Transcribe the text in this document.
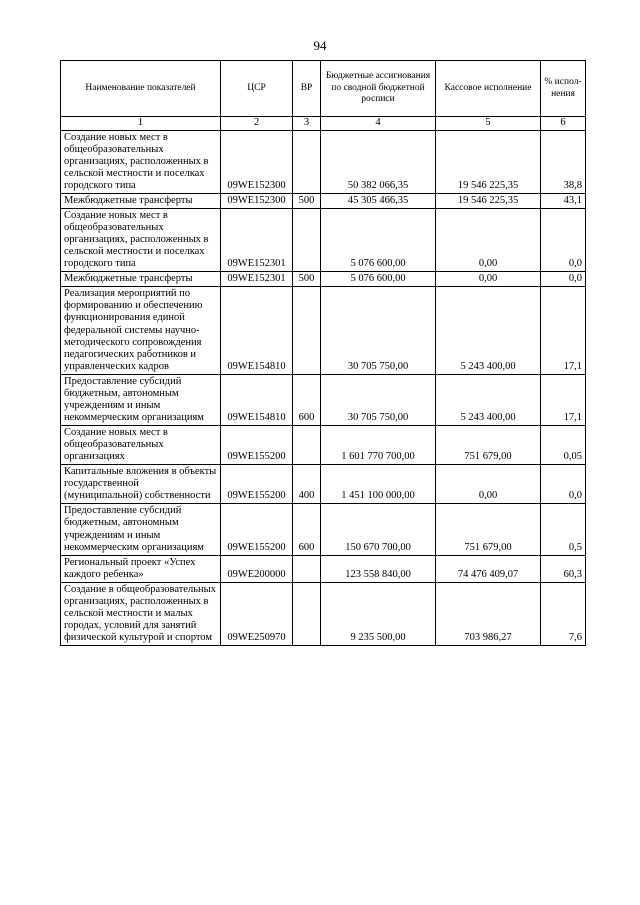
94
Наименование показателей	ЦСР	ВР	Бюджетные ассигнования по сводной бюджетной росписи	Кассовое исполнение	% испол-нения
1	2	3	4	5	6
Создание новых мест в общеобразовательных организациях, расположенных в сельской местности и поселках городского типа	09WE152300		50 382 066,35	19 546 225,35	38,8
Межбюджетные трансферты	09WE152300	500	45 305 466,35	19 546 225,35	43,1
Создание новых мест в общеобразовательных организациях, расположенных в сельской местности и поселках городского типа	09WE152301		5 076 600,00	0,00	0,0
Межбюджетные трансферты	09WE152301	500	5 076 600,00	0,00	0,0
Реализация мероприятий по формированию и обеспечению функционирования единой федеральной системы научно-методического сопровождения педагогических работников и управленческих кадров	09WE154810		30 705 750,00	5 243 400,00	17,1
Предоставление субсидий бюджетным, автономным учреждениям и иным некоммерческим организациям	09WE154810	600	30 705 750,00	5 243 400,00	17,1
Создание новых мест в общеобразовательных организациях	09WE155200		1 601 770 700,00	751 679,00	0,05
Капитальные вложения в объекты государственной (муниципальной) собственности	09WE155200	400	1 451 100 000,00	0,00	0,0
Предоставление субсидий бюджетным, автономным учреждениям и иным некоммерческим организациям	09WE155200	600	150 670 700,00	751 679,00	0,5
Региональный проект «Успех каждого ребенка»	09WE200000		123 558 840,00	74 476 409,07	60,3
Создание в общеобразовательных организациях, расположенных в сельской местности и малых городах, условий для занятий физической культурой и спортом	09WE250970		9 235 500,00	703 986,27	7,6
